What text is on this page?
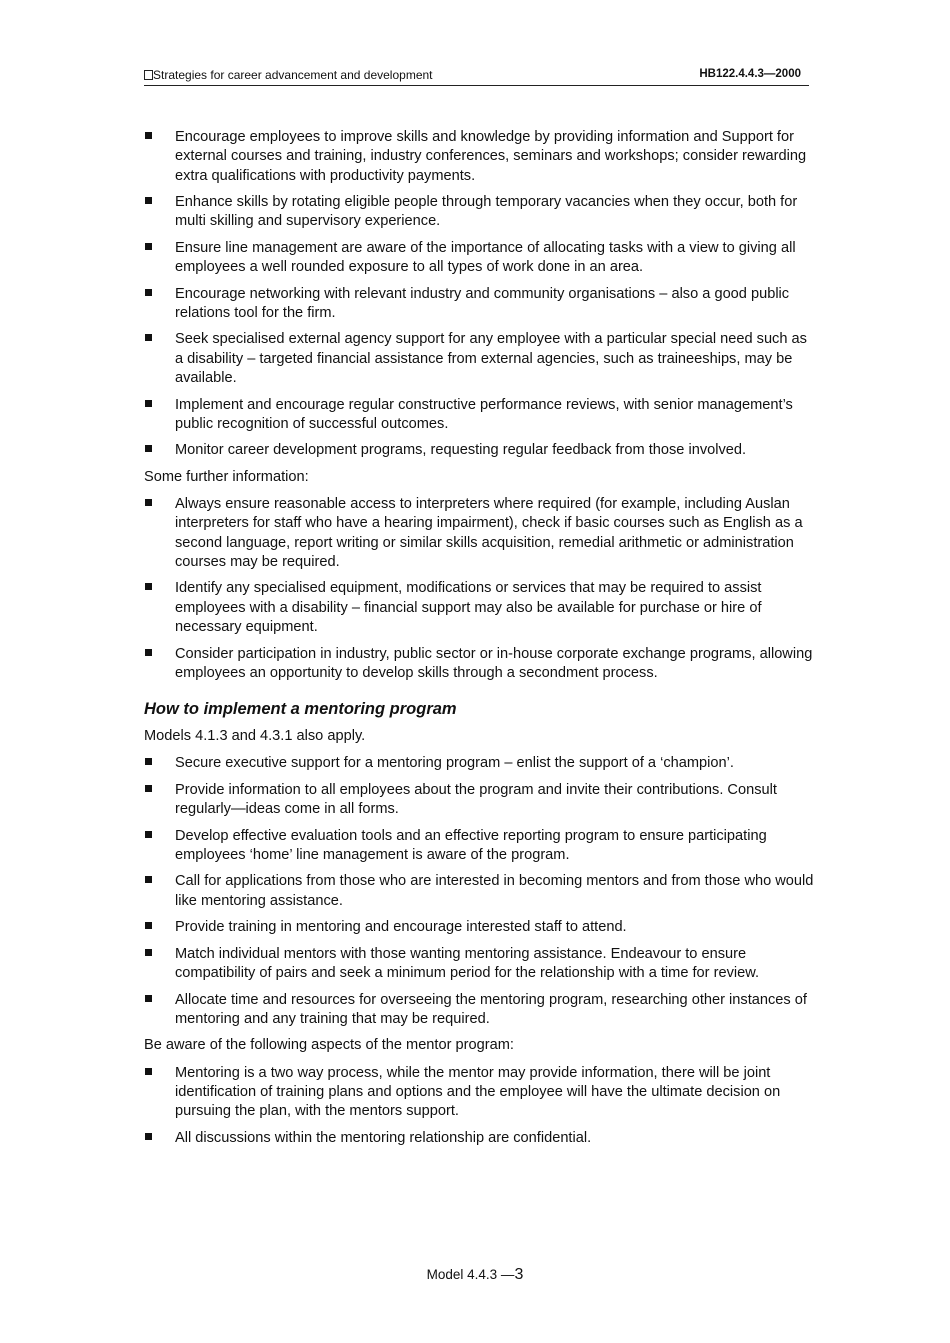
Strategies for career advancement and development	HB122.4.4.3—2000
Encourage employees to improve skills and knowledge by providing information and Support for external courses and training, industry conferences, seminars and workshops; consider rewarding extra qualifications with productivity payments.
Enhance skills by rotating eligible people through temporary vacancies when they occur, both for multi skilling and supervisory experience.
Ensure line management are aware of the importance of allocating tasks with a view to giving all employees a well rounded exposure to all types of work done in an area.
Encourage networking with relevant industry and community organisations – also a good public relations tool for the firm.
Seek specialised external agency support for any employee with a particular special need such as a disability – targeted financial assistance from external agencies, such as traineeships, may be available.
Implement and encourage regular constructive performance reviews, with senior management’s public recognition of successful outcomes.
Monitor career development programs, requesting regular feedback from those involved.

Some further information:

Always ensure reasonable access to interpreters where required (for example, including Auslan interpreters for staff who have a hearing impairment), check if basic courses such as English as a second language, report writing or similar skills acquisition, remedial arithmetic or administration courses may be required.
Identify any specialised equipment, modifications or services that may be required to assist employees with a disability – financial support may also be available for purchase or hire of necessary equipment.
Consider participation in industry, public sector or in-house corporate exchange programs, allowing employees an opportunity to develop skills through a secondment process.
How to implement a mentoring program

Models 4.1.3 and 4.3.1 also apply.

Secure executive support for a mentoring program – enlist the support of a ‘champion’.
Provide information to all employees about the program and invite their contributions. Consult regularly—ideas come in all forms.
Develop effective evaluation tools and an effective reporting program to ensure participating employees ‘home’ line management is aware of the program.
Call for applications from those who are interested in becoming mentors and from those who would like mentoring assistance.
Provide training in mentoring and encourage interested staff to attend.
Match individual mentors with those wanting mentoring assistance. Endeavour to ensure compatibility of pairs and seek a minimum period for the relationship with a time for review.
Allocate time and resources for overseeing the mentoring program, researching other instances of mentoring and any training that may be required.

Be aware of the following aspects of the mentor program:

Mentoring is a two way process, while the mentor may provide information, there will be joint identification of training plans and options and the employee will have the ultimate decision on pursuing the plan, with the mentors support.
All discussions within the mentoring relationship are confidential.
Model 4.4.3 —3
